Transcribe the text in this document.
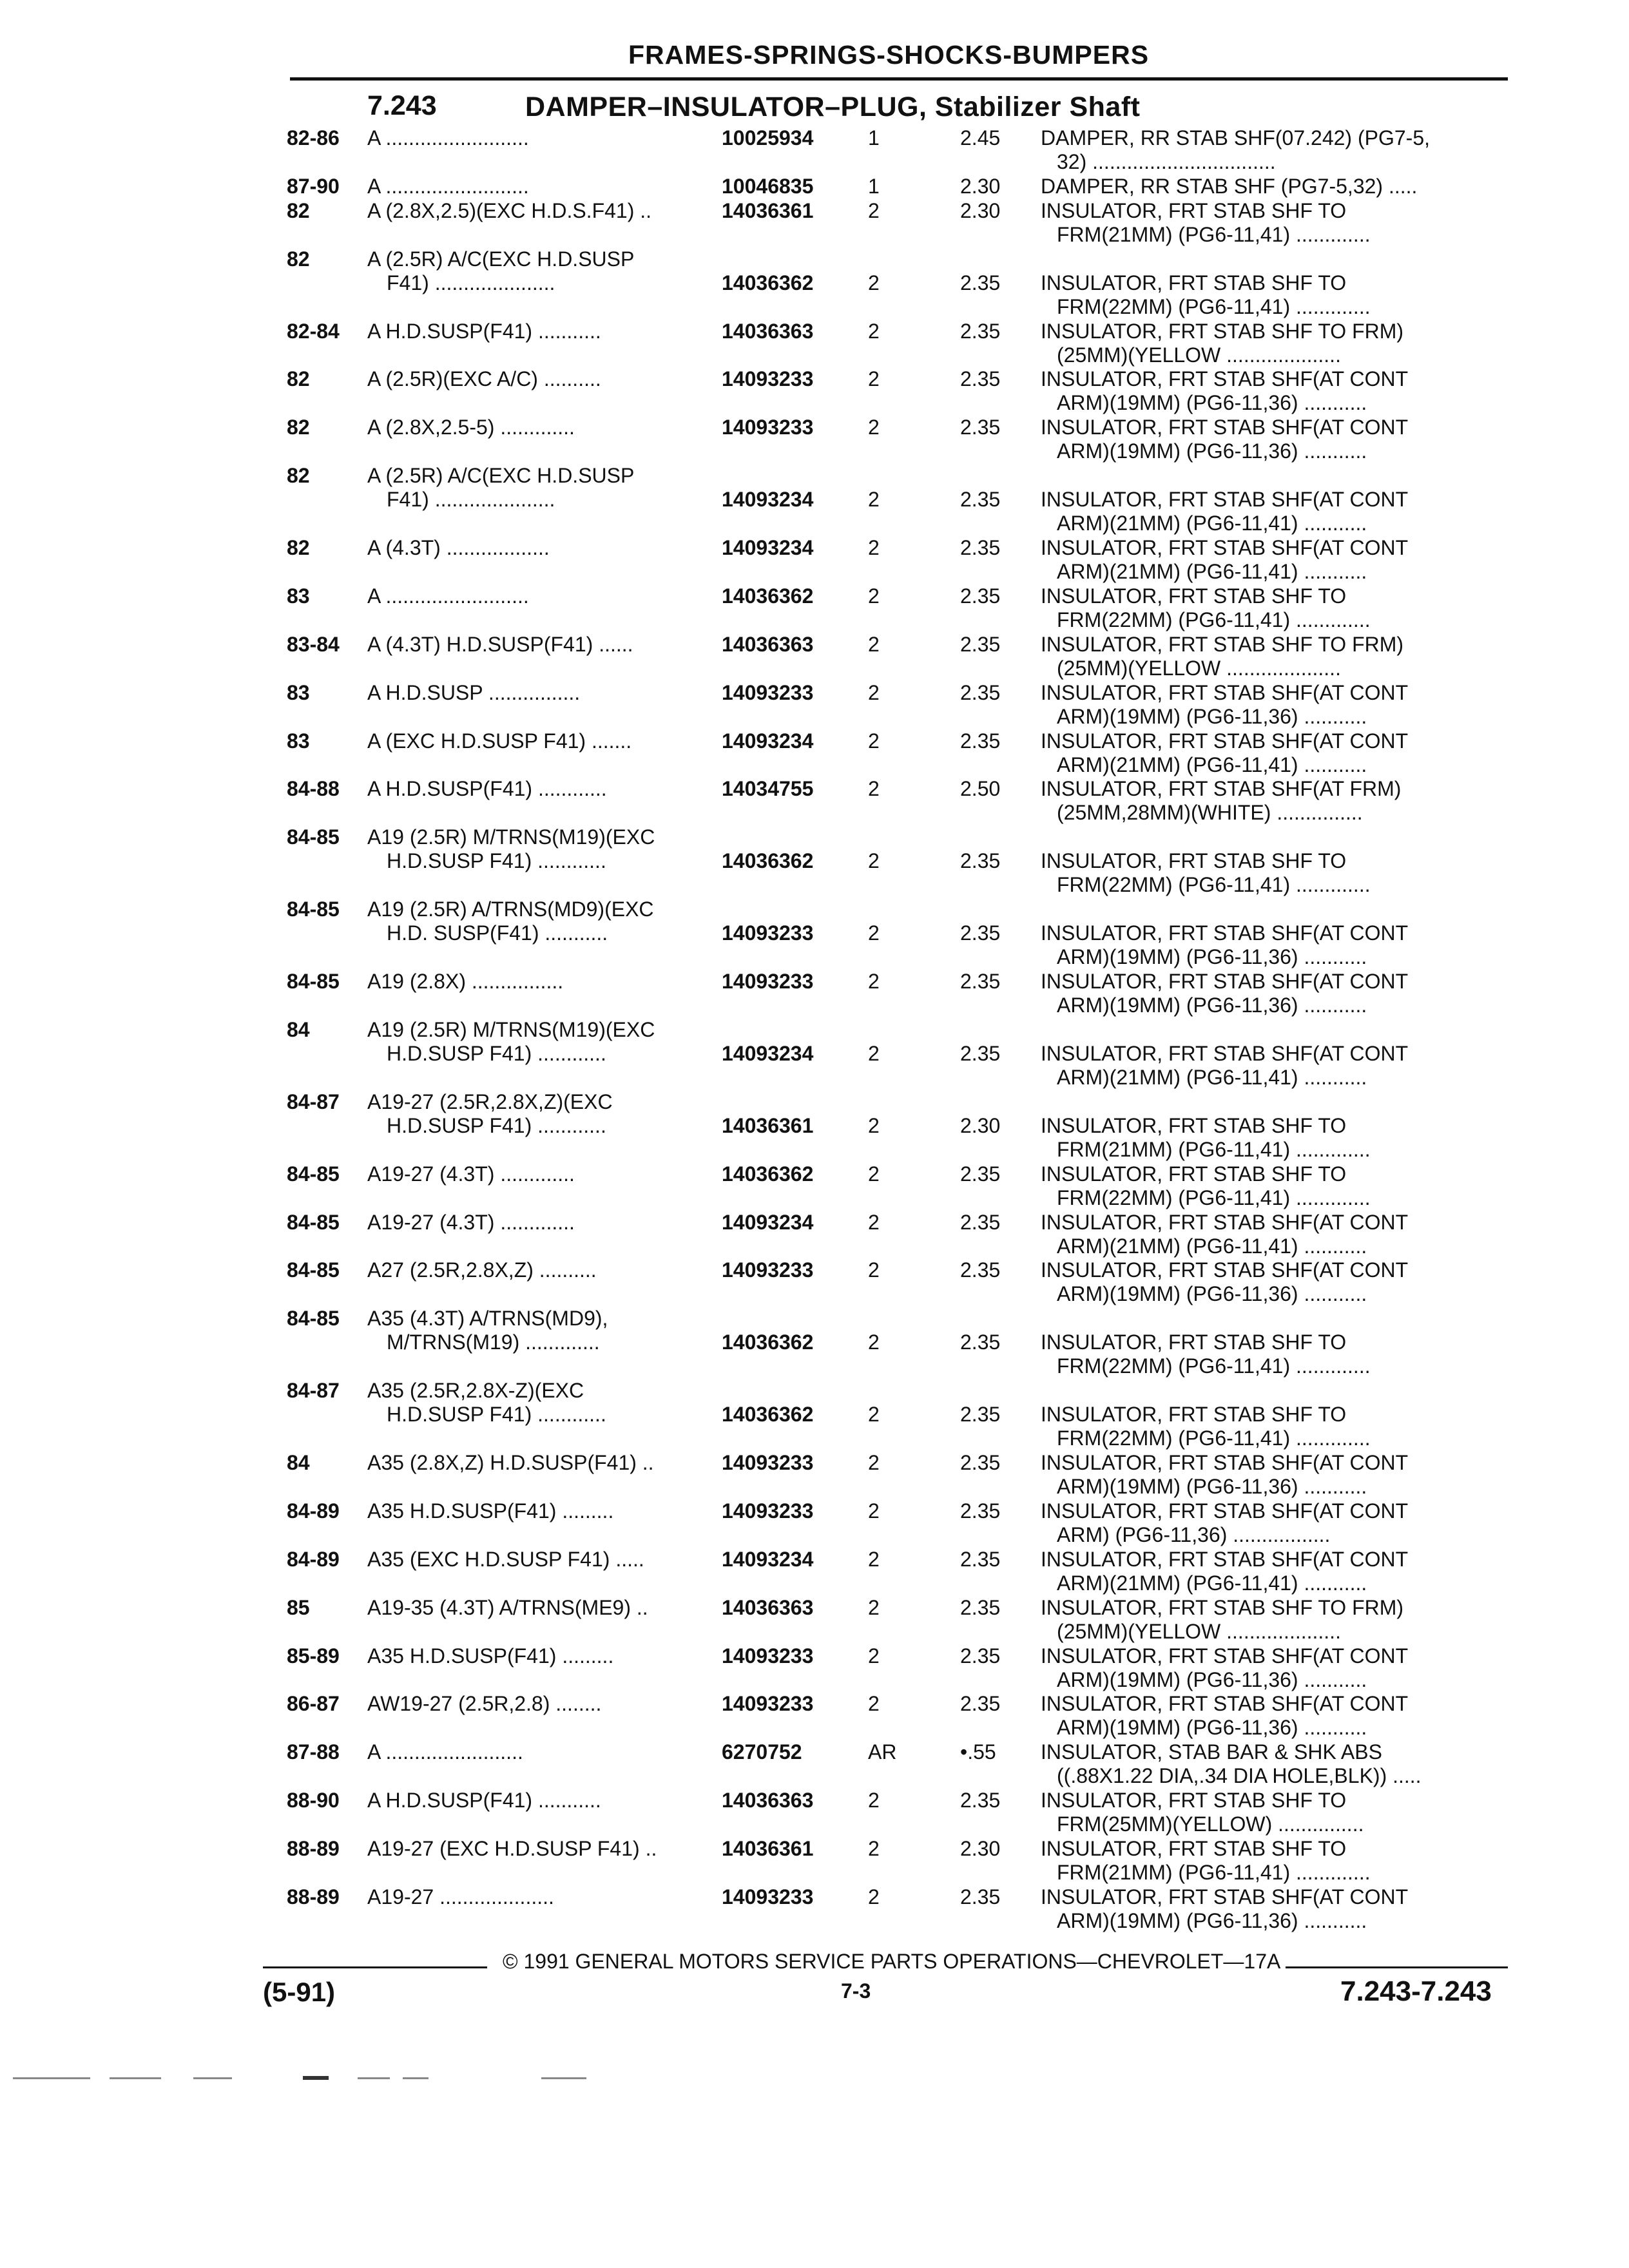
FRAMES-SPRINGS-SHOCKS-BUMPERS
7.243	DAMPER–INSULATOR–PLUG, Stabilizer Shaft
82-86 A .........................	10025934	1	2.45 DAMPER, RR STAB SHF(07.242) (PG7-5,
32) ................................
87-90 A .........................	10046835	1	2.30 DAMPER, RR STAB SHF (PG7-5,32) .....
82	A (2.8X,2.5)(EXC H.D.S.F41) ..	14036361	2	2.30 INSULATOR, FRT STAB SHF TO
FRM(21MM) (PG6-11,41) .............
82	A (2.5R) A/C(EXC H.D.SUSP
F41) .....................	14036362	2	2.35 INSULATOR, FRT STAB SHF TO
FRM(22MM) (PG6-11,41) .............
82-84 A H.D.SUSP(F41) ...........	14036363	2	2.35 INSULATOR, FRT STAB SHF TO FRM)
(25MM)(YELLOW ....................
82	A (2.5R)(EXC A/C) ..........	14093233	2	2.35 INSULATOR, FRT STAB SHF(AT CONT
ARM)(19MM) (PG6-11,36) ...........
82	A (2.8X,2.5-5) .............	14093233	2	2.35 INSULATOR, FRT STAB SHF(AT CONT
ARM)(19MM) (PG6-11,36) ...........
82	A (2.5R) A/C(EXC H.D.SUSP
F41) .....................	14093234	2	2.35 INSULATOR, FRT STAB SHF(AT CONT
ARM)(21MM) (PG6-11,41) ...........
82	A (4.3T) ..................	14093234	2	2.35 INSULATOR, FRT STAB SHF(AT CONT
ARM)(21MM) (PG6-11,41) ...........
83	A .........................	14036362	2	2.35 INSULATOR, FRT STAB SHF TO
FRM(22MM) (PG6-11,41) .............
83-84 A (4.3T) H.D.SUSP(F41) ......	14036363	2	2.35 INSULATOR, FRT STAB SHF TO FRM)
(25MM)(YELLOW ....................
83	A H.D.SUSP ................	14093233	2	2.35 INSULATOR, FRT STAB SHF(AT CONT
ARM)(19MM) (PG6-11,36) ...........
83	A (EXC H.D.SUSP F41) .......	14093234	2	2.35 INSULATOR, FRT STAB SHF(AT CONT
ARM)(21MM) (PG6-11,41) ...........
84-88 A H.D.SUSP(F41) ............	14034755	2	2.50 INSULATOR, FRT STAB SHF(AT FRM)
(25MM,28MM)(WHITE) ...............
84-85 A19 (2.5R) M/TRNS(M19)(EXC
H.D.SUSP F41) ............	14036362	2	2.35 INSULATOR, FRT STAB SHF TO
FRM(22MM) (PG6-11,41) .............
84-85 A19 (2.5R) A/TRNS(MD9)(EXC
H.D. SUSP(F41) ...........	14093233	2	2.35 INSULATOR, FRT STAB SHF(AT CONT
ARM)(19MM) (PG6-11,36) ...........
84-85 A19 (2.8X) ................	14093233	2	2.35 INSULATOR, FRT STAB SHF(AT CONT
ARM)(19MM) (PG6-11,36) ...........
84	A19 (2.5R) M/TRNS(M19)(EXC
H.D.SUSP F41) ............	14093234	2	2.35 INSULATOR, FRT STAB SHF(AT CONT
ARM)(21MM) (PG6-11,41) ...........
84-87 A19-27 (2.5R,2.8X,Z)(EXC
H.D.SUSP F41) ............	14036361	2	2.30 INSULATOR, FRT STAB SHF TO
FRM(21MM) (PG6-11,41) .............
84-85 A19-27 (4.3T) .............	14036362	2	2.35 INSULATOR, FRT STAB SHF TO
FRM(22MM) (PG6-11,41) .............
84-85 A19-27 (4.3T) .............	14093234	2	2.35 INSULATOR, FRT STAB SHF(AT CONT
ARM)(21MM) (PG6-11,41) ...........
84-85 A27 (2.5R,2.8X,Z) ..........	14093233	2	2.35 INSULATOR, FRT STAB SHF(AT CONT
ARM)(19MM) (PG6-11,36) ...........
84-85 A35 (4.3T) A/TRNS(MD9),
M/TRNS(M19) .............	14036362	2	2.35 INSULATOR, FRT STAB SHF TO
FRM(22MM) (PG6-11,41) .............
84-87 A35 (2.5R,2.8X-Z)(EXC
H.D.SUSP F41) ............	14036362	2	2.35 INSULATOR, FRT STAB SHF TO
FRM(22MM) (PG6-11,41) .............
84	A35 (2.8X,Z) H.D.SUSP(F41) ..	14093233	2	2.35 INSULATOR, FRT STAB SHF(AT CONT
ARM)(19MM) (PG6-11,36) ...........
84-89 A35 H.D.SUSP(F41) .........	14093233	2	2.35 INSULATOR, FRT STAB SHF(AT CONT
ARM) (PG6-11,36) .................
84-89 A35 (EXC H.D.SUSP F41) .....	14093234	2	2.35 INSULATOR, FRT STAB SHF(AT CONT
ARM)(21MM) (PG6-11,41) ...........
85	A19-35 (4.3T) A/TRNS(ME9) ..	14036363	2	2.35 INSULATOR, FRT STAB SHF TO FRM)
(25MM)(YELLOW ....................
85-89 A35 H.D.SUSP(F41) .........	14093233	2	2.35 INSULATOR, FRT STAB SHF(AT CONT
ARM)(19MM) (PG6-11,36) ...........
86-87 AW19-27 (2.5R,2.8) ........	14093233	2	2.35 INSULATOR, FRT STAB SHF(AT CONT
ARM)(19MM) (PG6-11,36) ...........
87-88 A ........................	6270752	AR	•.55 INSULATOR, STAB BAR & SHK ABS
((.88X1.22 DIA,.34 DIA HOLE,BLK)) .....
88-90 A H.D.SUSP(F41) ...........	14036363	2	2.35 INSULATOR, FRT STAB SHF TO
FRM(25MM)(YELLOW) ...............
88-89 A19-27 (EXC H.D.SUSP F41) ..	14036361	2	2.30 INSULATOR, FRT STAB SHF TO
FRM(21MM) (PG6-11,41) .............
88-89 A19-27 ....................	14093233	2	2.35 INSULATOR, FRT STAB SHF(AT CONT
ARM)(19MM) (PG6-11,36) ...........
© 1991 GENERAL MOTORS SERVICE PARTS OPERATIONS—CHEVROLET—17A
(5-91)	7-3	7.243-7.243
